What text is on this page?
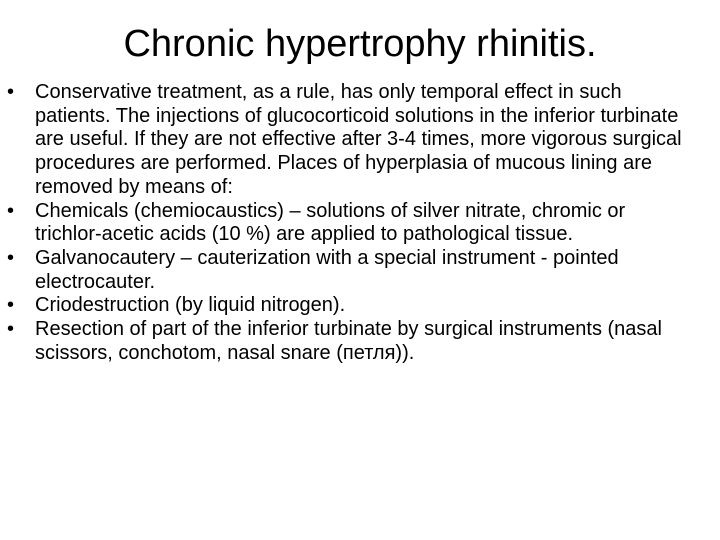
Chronic hypertrophy rhinitis.
• Conservative treatment, as a rule, has only temporal effect in such patients. The injections of glucocorticoid solutions in the inferior turbinate are useful. If they are not effective after 3-4 times, more vigorous surgical procedures are performed. Places of hyperplasia of mucous lining are removed by means of:
• Chemicals (chemiocaustics) – solutions of silver nitrate, chromic or trichlor-acetic acids (10 %) are applied to pathological tissue.
• Galvanocautery – cauterization with a special instrument - pointed electrocauter.
• Criodestruction (by liquid nitrogen).
• Resection of part of the inferior turbinate by surgical instruments (nasal scissors, conchotom, nasal snare (петля)).
